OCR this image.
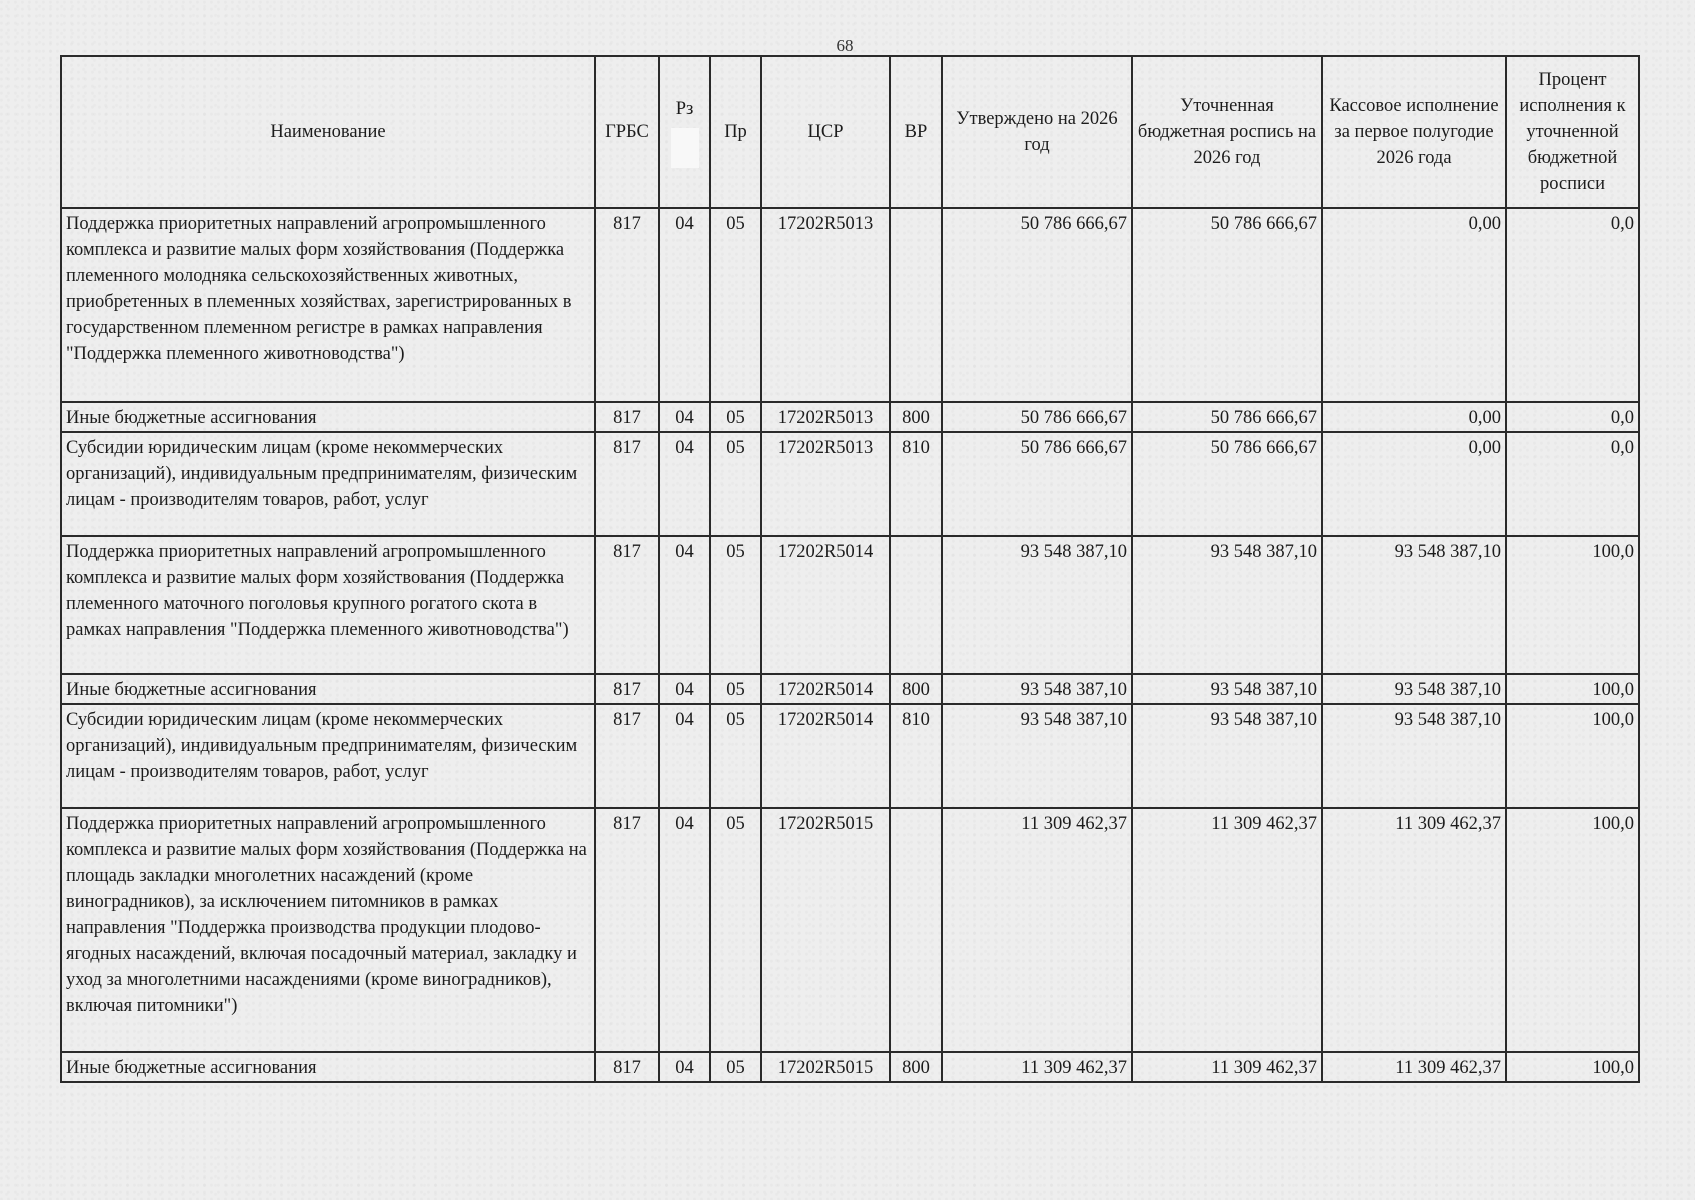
68
Наименование	ГРБС	Рз	Пр	ЦСР	ВР	Утверждено на 2026 год	Уточненная бюджетная роспись на 2026 год	Кассовое исполнение за первое полугодие 2026 года	Процент исполнения к уточненной бюджетной росписи
Поддержка приоритетных направлений агропромышленного комплекса и развитие малых форм хозяйствования (Поддержка племенного молодняка сельскохозяйственных животных, приобретенных в племенных хозяйствах, зарегистрированных в государственном племенном регистре в рамках направления "Поддержка племенного животноводства")	817	04	05	17202R5013		50 786 666,67	50 786 666,67	0,00	0,0
Иные бюджетные ассигнования	817	04	05	17202R5013	800	50 786 666,67	50 786 666,67	0,00	0,0
Субсидии юридическим лицам (кроме некоммерческих организаций), индивидуальным предпринимателям, физическим лицам - производителям товаров, работ, услуг	817	04	05	17202R5013	810	50 786 666,67	50 786 666,67	0,00	0,0
Поддержка приоритетных направлений агропромышленного комплекса и развитие малых форм хозяйствования (Поддержка племенного маточного поголовья крупного рогатого скота в рамках направления "Поддержка племенного животноводства")	817	04	05	17202R5014		93 548 387,10	93 548 387,10	93 548 387,10	100,0
Иные бюджетные ассигнования	817	04	05	17202R5014	800	93 548 387,10	93 548 387,10	93 548 387,10	100,0
Субсидии юридическим лицам (кроме некоммерческих организаций), индивидуальным предпринимателям, физическим лицам - производителям товаров, работ, услуг	817	04	05	17202R5014	810	93 548 387,10	93 548 387,10	93 548 387,10	100,0
Поддержка приоритетных направлений агропромышленного комплекса и развитие малых форм хозяйствования (Поддержка на площадь закладки многолетних насаждений (кроме виноградников), за исключением питомников в рамках направления "Поддержка производства продукции плодово-ягодных насаждений, включая посадочный материал, закладку и уход за многолетними насаждениями (кроме виноградников), включая питомники")	817	04	05	17202R5015		11 309 462,37	11 309 462,37	11 309 462,37	100,0
Иные бюджетные ассигнования	817	04	05	17202R5015	800	11 309 462,37	11 309 462,37	11 309 462,37	100,0
